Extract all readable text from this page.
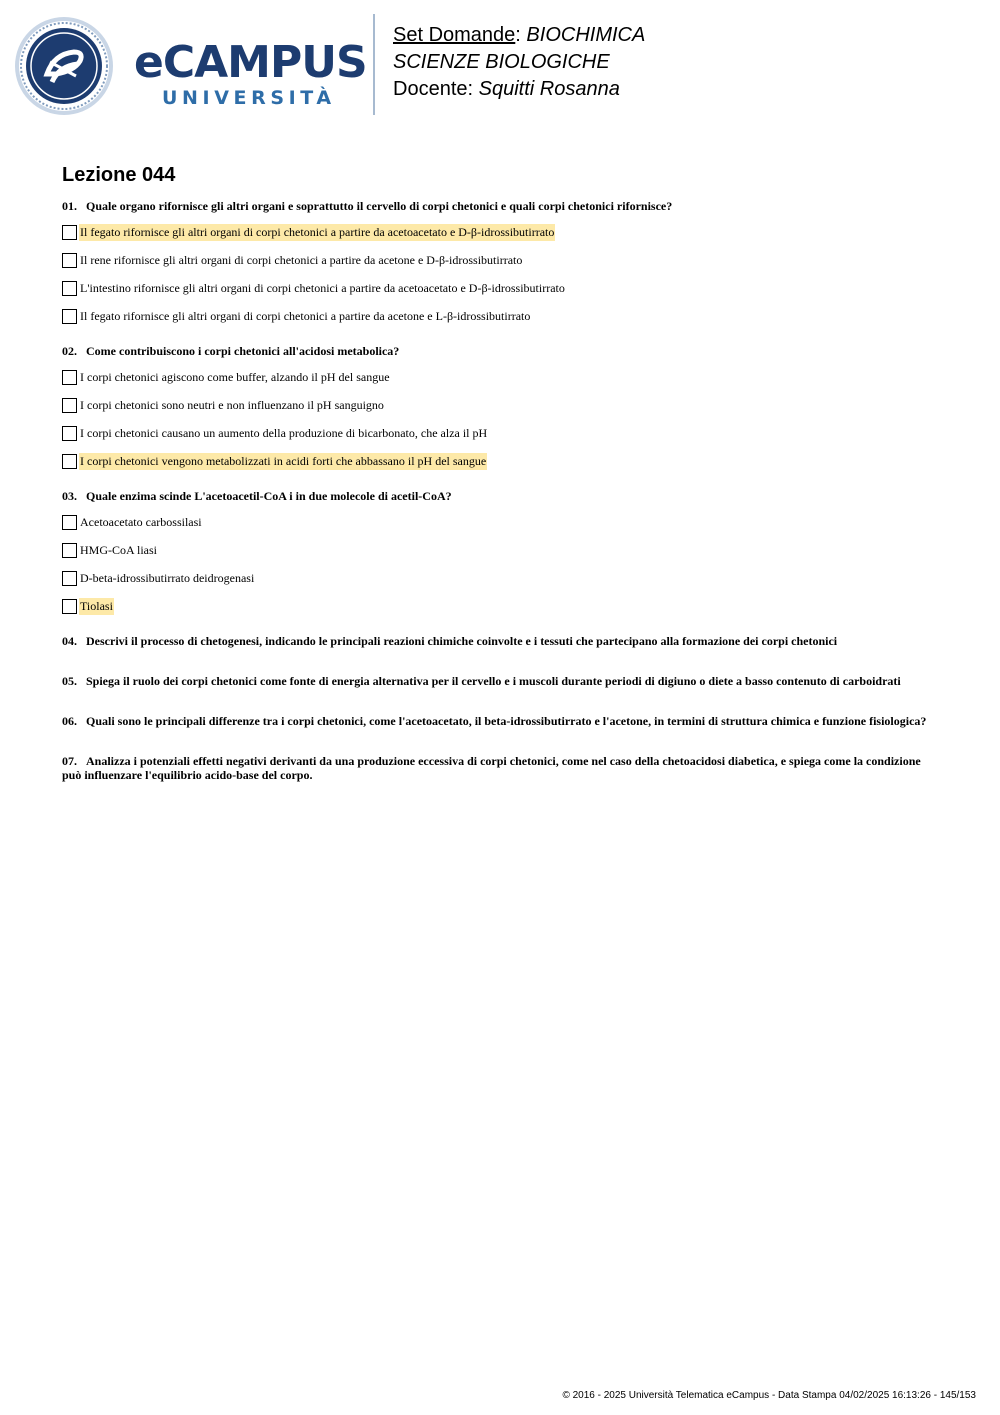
eCAMPUS
UNIVERSITÀ
Set Domande: BIOCHIMICA
SCIENZE BIOLOGICHE
Docente: Squitti Rosanna
Lezione 044
01. Quale organo rifornisce gli altri organi e soprattutto il cervello di corpi chetonici e quali corpi chetonici rifornisce?
Il fegato rifornisce gli altri organi di corpi chetonici a partire da acetoacetato e D-β-idrossibutirrato
Il rene rifornisce gli altri organi di corpi chetonici a partire da acetone e D-β-idrossibutirrato
L'intestino rifornisce gli altri organi di corpi chetonici a partire da acetoacetato e D-β-idrossibutirrato
Il fegato rifornisce gli altri organi di corpi chetonici a partire da acetone e L-β-idrossibutirrato
02. Come contribuiscono i corpi chetonici all'acidosi metabolica?
I corpi chetonici agiscono come buffer, alzando il pH del sangue
I corpi chetonici sono neutri e non influenzano il pH sanguigno
I corpi chetonici causano un aumento della produzione di bicarbonato, che alza il pH
I corpi chetonici vengono metabolizzati in acidi forti che abbassano il pH del sangue
03. Quale enzima scinde L'acetoacetil-CoA i in due molecole di acetil-CoA?
Acetoacetato carbossilasi
HMG-CoA liasi
D-beta-idrossibutirrato deidrogenasi
Tiolasi
04. Descrivi il processo di chetogenesi, indicando le principali reazioni chimiche coinvolte e i tessuti che partecipano alla formazione dei corpi chetonici
05. Spiega il ruolo dei corpi chetonici come fonte di energia alternativa per il cervello e i muscoli durante periodi di digiuno o diete a basso contenuto di carboidrati
06. Quali sono le principali differenze tra i corpi chetonici, come l'acetoacetato, il beta-idrossibutirrato e l'acetone, in termini di struttura chimica e funzione fisiologica?
07. Analizza i potenziali effetti negativi derivanti da una produzione eccessiva di corpi chetonici, come nel caso della chetoacidosi diabetica, e spiega come la condizione può influenzare l'equilibrio acido-base del corpo.
© 2016 - 2025 Università Telematica eCampus - Data Stampa 04/02/2025 16:13:26 - 145/153
